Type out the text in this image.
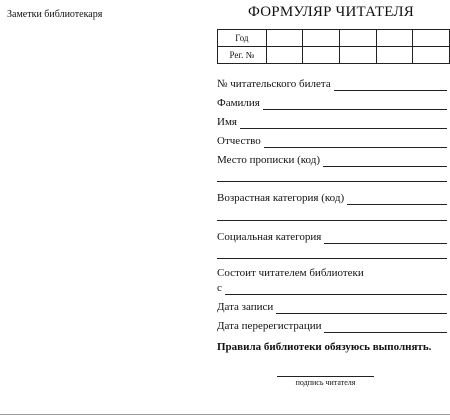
Заметки библиотекаря	ФОРМУЛЯР ЧИТАТЕЛЯ
Год					
Рег. №					
№ читательского билета
Фамилия
Имя
Отчество
Место прописки (код)
Возрастная категория (код)
Социальная категория
Состоит читателем библиотеки
с
Дата записи
Дата перерегистрации
Правила библиотеки обязуюсь выполнять.
подпись читателя
